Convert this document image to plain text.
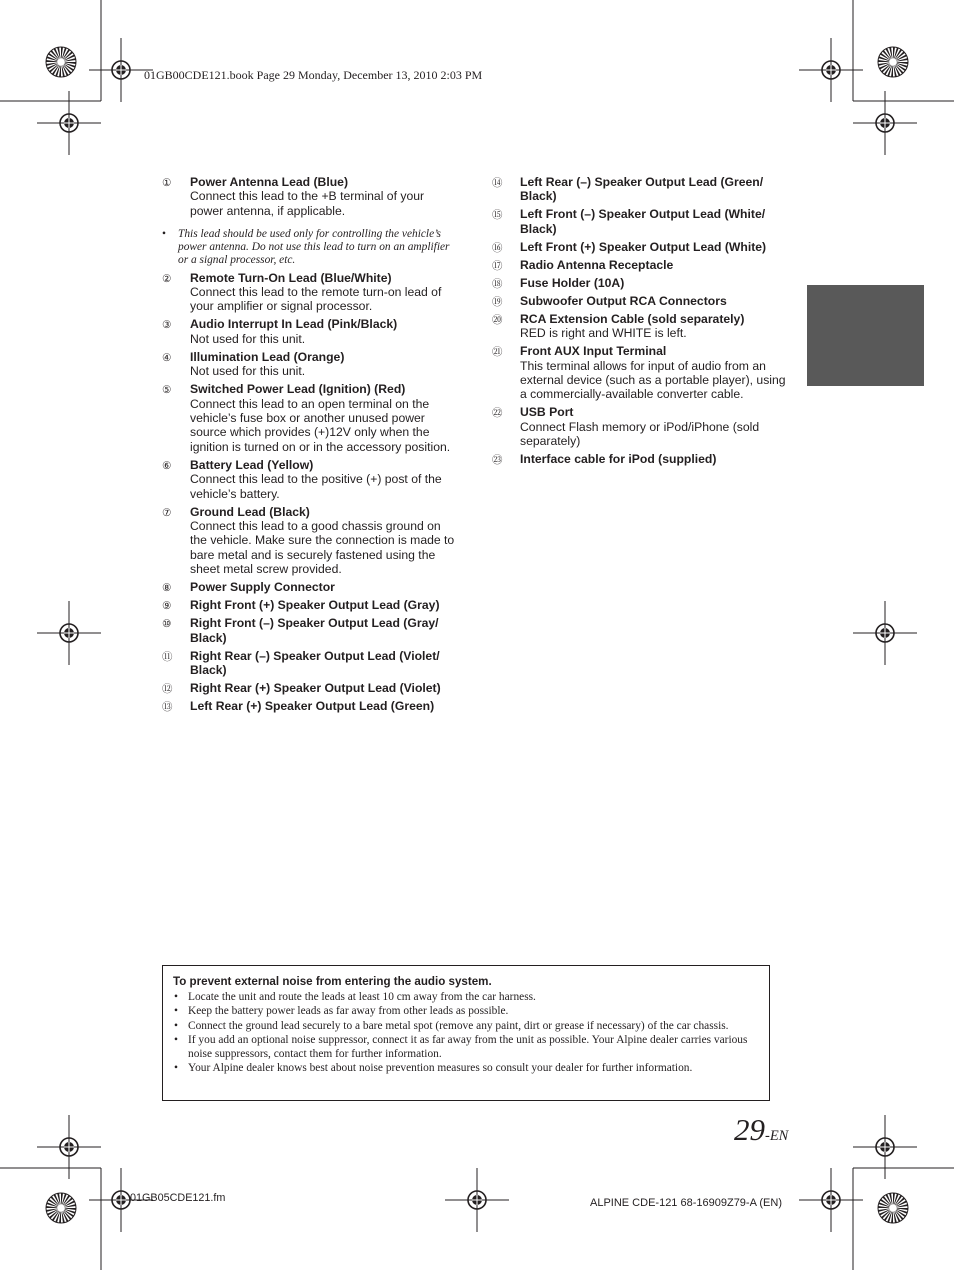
01GB00CDE121.book Page 29 Monday, December 13, 2010 2:03 PM
① Power Antenna Lead (Blue)
Connect this lead to the +B terminal of your power antenna, if applicable.
• This lead should be used only for controlling the vehicle’s power antenna. Do not use this lead to turn on an amplifier or a signal processor, etc.
② Remote Turn-On Lead (Blue/White)
Connect this lead to the remote turn-on lead of your amplifier or signal processor.
③ Audio Interrupt In Lead (Pink/Black)
Not used for this unit.
④ Illumination Lead (Orange)
Not used for this unit.
⑤ Switched Power Lead (Ignition) (Red)
Connect this lead to an open terminal on the vehicle’s fuse box or another unused power source which provides (+)12V only when the ignition is turned on or in the accessory position.
⑥ Battery Lead (Yellow)
Connect this lead to the positive (+) post of the vehicle’s battery.
⑦ Ground Lead (Black)
Connect this lead to a good chassis ground on the vehicle. Make sure the connection is made to bare metal and is securely fastened using the sheet metal screw provided.
⑧ Power Supply Connector
⑨ Right Front (+) Speaker Output Lead (Gray)
⑩ Right Front (–) Speaker Output Lead (Gray/ Black)
⑪ Right Rear (–) Speaker Output Lead (Violet/ Black)
⑫ Right Rear (+) Speaker Output Lead (Violet)
⑬ Left Rear (+) Speaker Output Lead (Green)
⑭ Left Rear (–) Speaker Output Lead (Green/ Black)
⑮ Left Front (–) Speaker Output Lead (White/ Black)
⑯ Left Front (+) Speaker Output Lead (White)
⑰ Radio Antenna Receptacle
⑱ Fuse Holder (10A)
⑲ Subwoofer Output RCA Connectors
⑳ RCA Extension Cable (sold separately)
RED is right and WHITE is left.
㉑ Front AUX Input Terminal
This terminal allows for input of audio from an external device (such as a portable player), using a commercially-available converter cable.
㉒ USB Port
Connect Flash memory or iPod/iPhone (sold separately)
㉓ Interface cable for iPod (supplied)
To prevent external noise from entering the audio system.
• Locate the unit and route the leads at least 10 cm away from the car harness.
• Keep the battery power leads as far away from other leads as possible.
• Connect the ground lead securely to a bare metal spot (remove any paint, dirt or grease if necessary) of the car chassis.
• If you add an optional noise suppressor, connect it as far away from the unit as possible. Your Alpine dealer carries various noise suppressors, contact them for further information.
• Your Alpine dealer knows best about noise prevention measures so consult your dealer for further information.
29-EN
01GB05CDE121.fm	ALPINE CDE-121 68-16909Z79-A (EN)
